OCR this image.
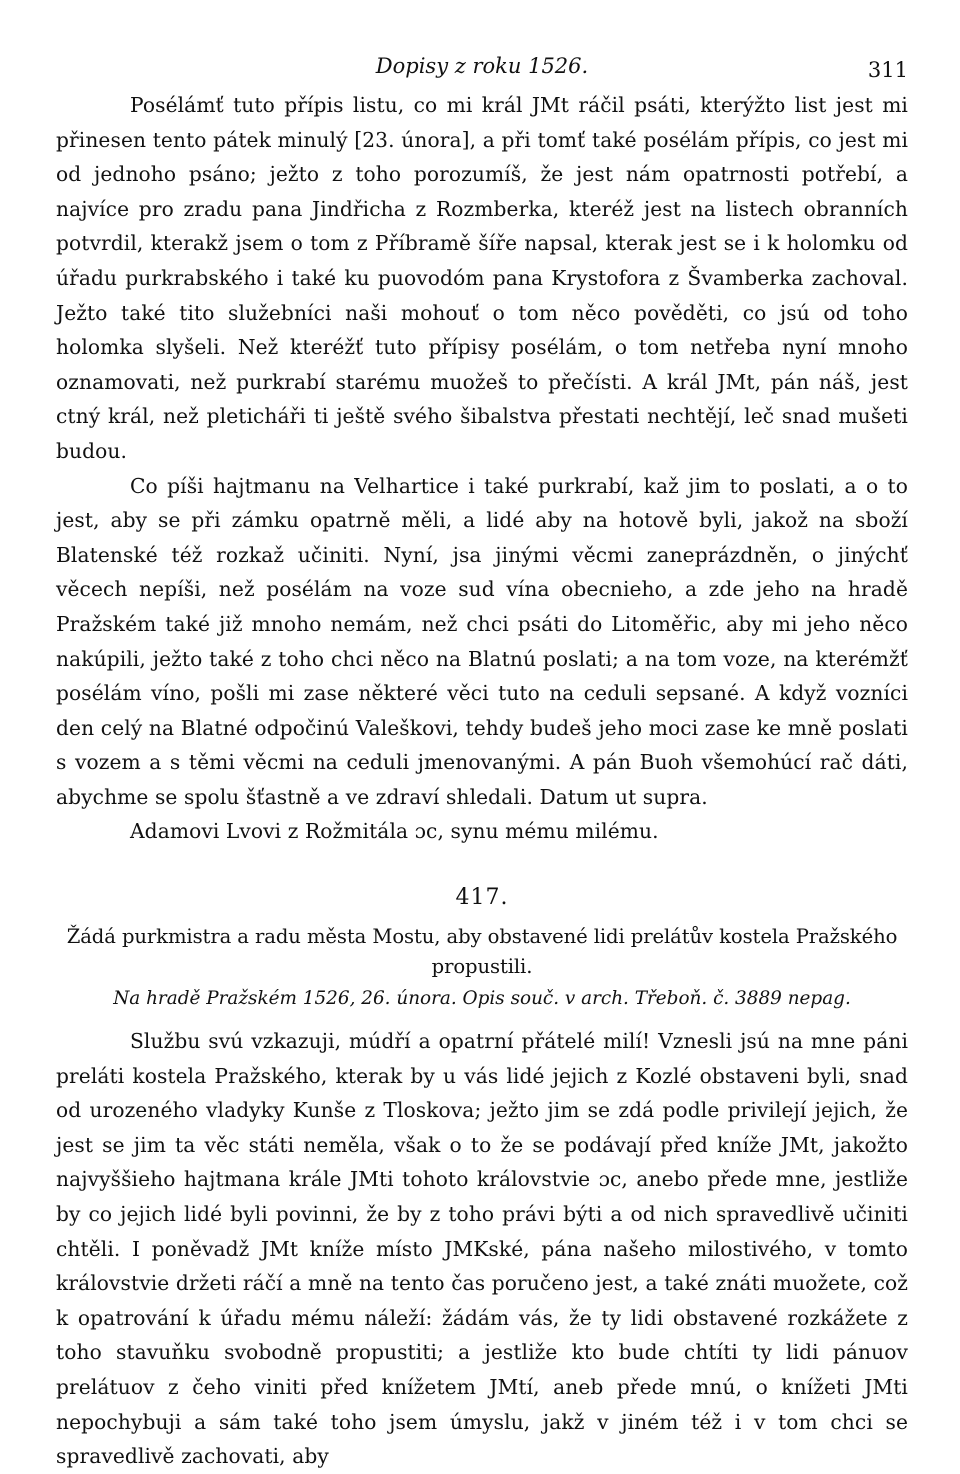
Dopisy z roku 1526.	311

Posélámť tuto přípis listu, co mi král JMt ráčil psáti, kterýžto list jest mi přinesen tento pátek minulý [23. února], a při tomť také posélám přípis, co jest mi od jednoho psáno; ježto z toho porozumíš, že jest nám opatrnosti potřebí, a najvíce pro zradu pana Jindřicha z Rozmberka, kteréž jest na listech obranních potvrdil, kterakž jsem o tom z Příbramě šíře napsal, kterak jest se i k holomku od úřadu purkrabského i také ku puovodóm pana Krystofora z Švamberka zachoval. Ježto také tito služebníci naši mohouť o tom něco pověděti, co jsú od toho holomka slyšeli. Než kteréžť tuto přípisy posélám, o tom netřeba nyní mnoho oznamovati, než purkrabí starému muožeš to přečísti. A král JMt, pán náš, jest ctný král, než pleticháři ti ještě svého šibalstva přestati nechtějí, leč snad mušeti budou.

Co píši hajtmanu na Velhartice i také purkrabí, kaž jim to poslati, a o to jest, aby se při zámku opatrně měli, a lidé aby na hotově byli, jakož na sboží Blatenské též rozkaž učiniti. Nyní, jsa jinými věcmi zaneprázdněn, o jinýchť věcech nepíši, než posélám na voze sud vína obecnieho, a zde jeho na hradě Pražském také již mnoho nemám, než chci psáti do Litoměřic, aby mi jeho něco nakúpili, ježto také z toho chci něco na Blatnú poslati; a na tom voze, na kterémžť posélám víno, pošli mi zase některé věci tuto na ceduli sepsané. A když vozníci den celý na Blatné odpočinú Valeškovi, tehdy budeš jeho moci zase ke mně poslati s vozem a s těmi věcmi na ceduli jmenovanými. A pán Buoh všemohúcí rač dáti, abychme se spolu šťastně a ve zdraví shledali. Datum ut supra.

Adamovi Lvovi z Rožmitála ɔc, synu mému milému.

417.
Žádá purkmistra a radu města Mostu, aby obstavené lidi prelátův kostela Pražského propustili.
Na hradě Pražském 1526, 26. února. Opis souč. v arch. Třeboň. č. 3889 nepag.

Službu svú vzkazuji, múdří a opatrní přátelé milí! Vznesli jsú na mne páni preláti kostela Pražského, kterak by u vás lidé jejich z Kozlé obstaveni byli, snad od urozeného vladyky Kunše z Tloskova; ježto jim se zdá podle privilejí jejich, že jest se jim ta věc státi neměla, však o to že se podávají před kníže JMt, jakožto najvyššieho hajtmana krále JMti tohoto královstvie ɔc, anebo přede mne, jestliže by co jejich lidé byli povinni, že by z toho právi býti a od nich spravedlivě učiniti chtěli. I poněvadž JMt kníže místo JMKské, pána našeho milostivého, v tomto královstvie držeti ráčí a mně na tento čas poručeno jest, a také znáti muožete, což k opatrování k úřadu mému náleží: žádám vás, že ty lidi obstavené rozkážete z toho stavuňku svobodně propustiti; a jestliže kto bude chtíti ty lidi pánuov prelátuov z čeho viniti před knížetem JMtí, aneb přede mnú, o knížeti JMti nepochybuji a sám také toho jsem úmyslu, jakž v jiném též i v tom chci se spravedlivě zachovati, aby
